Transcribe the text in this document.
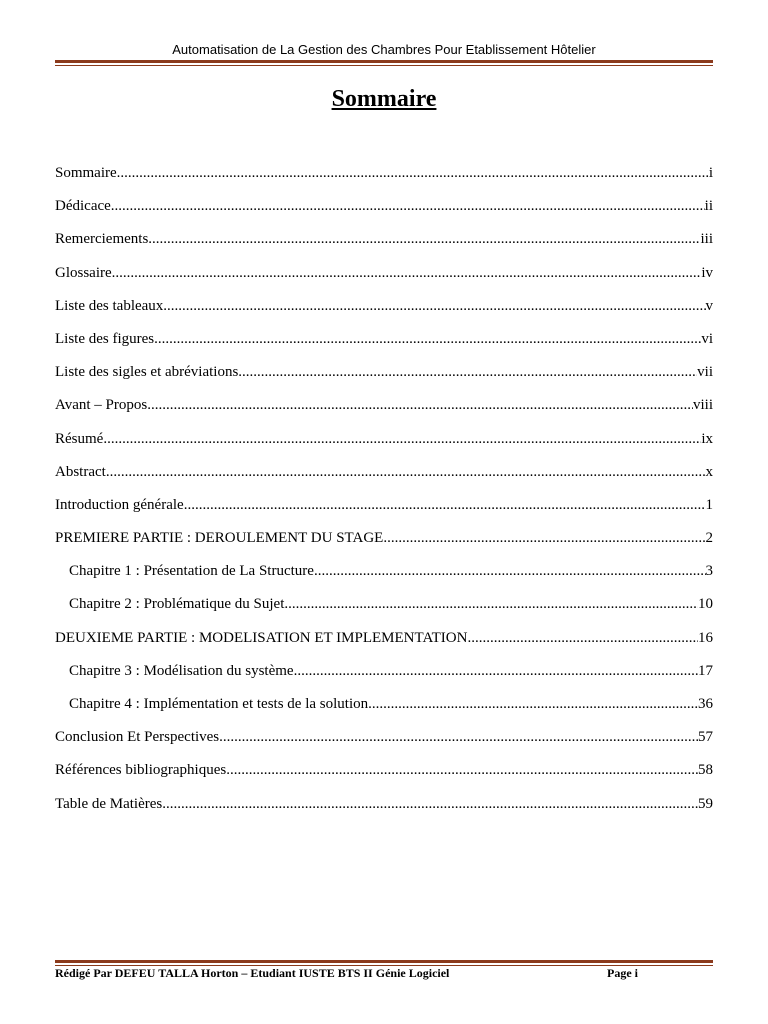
Automatisation de La Gestion des Chambres Pour Etablissement Hôtelier

Sommaire
Sommaire .....	i
Dédicace .....	ii
Remerciements .....	iii
Glossaire .....	iv
Liste des tableaux .....	v
Liste des figures .....	vi
Liste des sigles et abréviations .....	vii
Avant – Propos .....	viii
Résumé .....	ix
Abstract .....	x
Introduction générale .....	1
PREMIERE PARTIE : DEROULEMENT DU STAGE .....	2
Chapitre 1 : Présentation de La Structure .....	3
Chapitre 2 : Problématique du Sujet .....	10
DEUXIEME PARTIE : MODELISATION ET IMPLEMENTATION .....	16
Chapitre 3 : Modélisation du système .....	17
Chapitre 4 : Implémentation et tests de la solution .....	36
Conclusion Et Perspectives .....	57
Références bibliographiques .....	58
Table de Matières .....	59
Rédigé Par DEFEU TALLA Horton – Etudiant IUSTE BTS II Génie Logiciel	Page i
